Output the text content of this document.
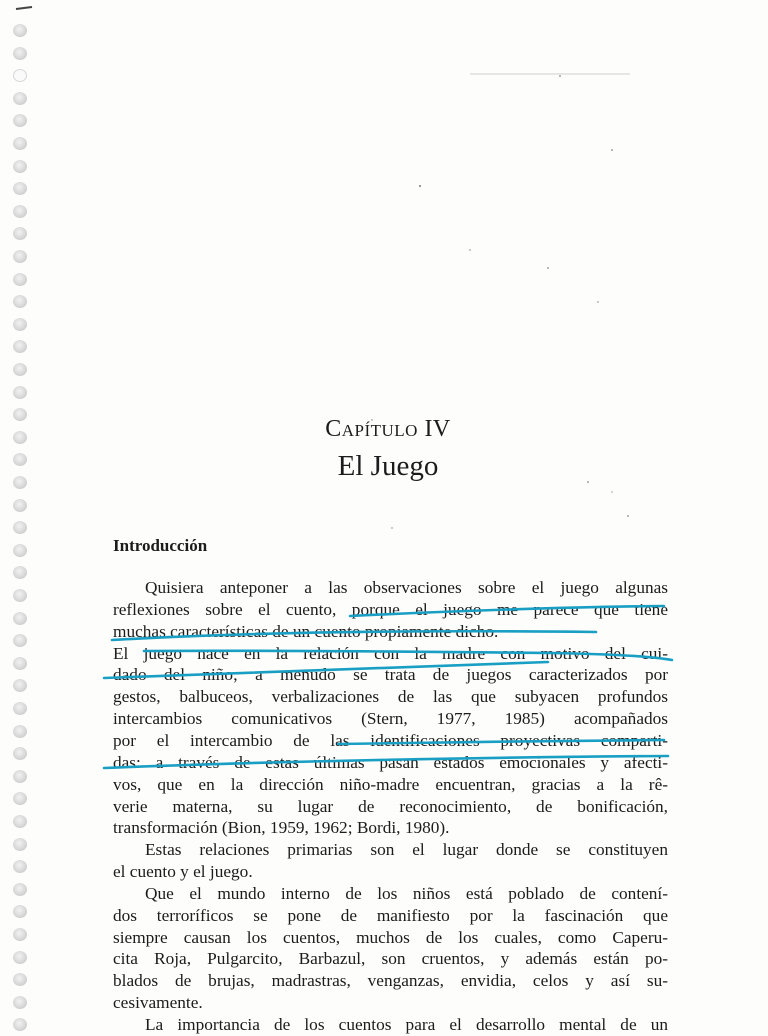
Capítulo IV
El Juego
Introducción
Quisiera anteponer a las observaciones sobre el juego algunas
reflexiones sobre el cuento, porque el juego me parece que tiene
muchas características de un cuento propiamente dicho.
El juego nace en la relación con la madre con motivo del cui-
dado del niño; a menudo se trata de juegos caracterizados por
gestos, balbuceos, verbalizaciones de las que subyacen profundos
intercambios comunicativos (Stern, 1977, 1985) acompañados
por el intercambio de las identificaciones proyectivas comparti-
das: a través de estas últimas pasan estados emocionales y afecti-
vos, que en la dirección niño-madre encuentran, gracias a la rê-
verie materna, su lugar de reconocimiento, de bonificación,
transformación (Bion, 1959, 1962; Bordi, 1980).
Estas relaciones primarias son el lugar donde se constituyen
el cuento y el juego.
Que el mundo interno de los niños está poblado de contení-
dos terroríficos se pone de manifiesto por la fascinación que
siempre causan los cuentos, muchos de los cuales, como Caperu-
cita Roja, Pulgarcito, Barbazul, son cruentos, y además están po-
blados de brujas, madrastras, venganzas, envidia, celos y así su-
cesivamente.
La importancia de los cuentos para el desarrollo mental de un
